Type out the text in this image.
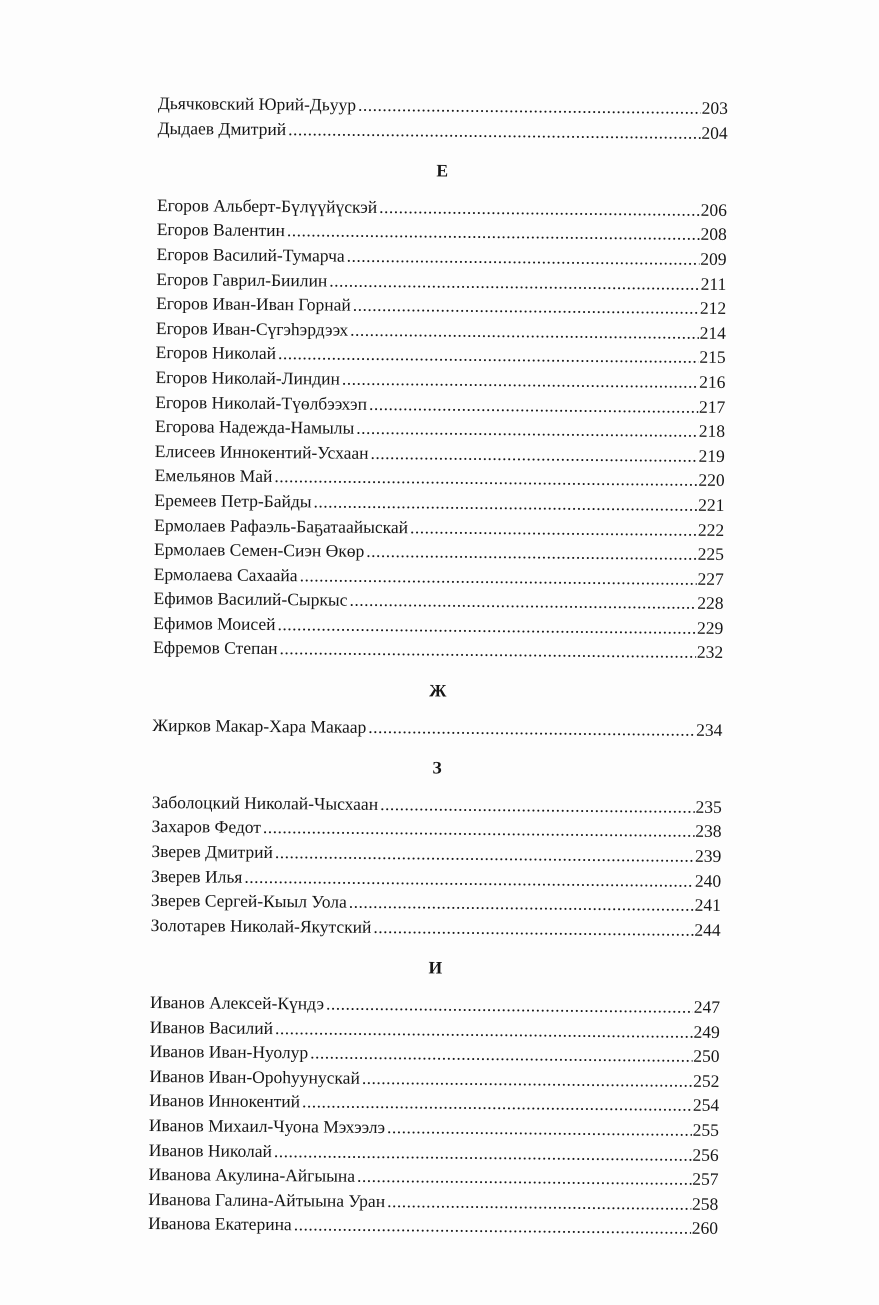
Дьячковский Юрий-Дьуур .....	203
Дыдаев Дмитрий .....	204
Е
Егоров Альберт-Бүлүүйүскэй .....	206
Егоров Валентин .....	208
Егоров Василий-Тумарча .....	209
Егоров Гаврил-Биилин .....	211
Егоров Иван-Иван Горнай .....	212
Егоров Иван-Сүгэһэрдээх .....	214
Егоров Николай .....	215
Егоров Николай-Линдин .....	216
Егоров Николай-Түөлбээхэп .....	217
Егорова Надежда-Намылы .....	218
Елисеев Иннокентий-Усхаан .....	219
Емельянов Май .....	220
Еремеев Петр-Байды .....	221
Ермолаев Рафаэль-Баҕатаайыскай .....	222
Ермолаев Семен-Сиэн Өкөр .....	225
Ермолаева Сахаайа .....	227
Ефимов Василий-Сыркыс .....	228
Ефимов Моисей .....	229
Ефремов Степан .....	232
Ж
Жирков Макар-Хара Макаар .....	234
З
Заболоцкий Николай-Чысхаан .....	235
Захаров Федот .....	238
Зверев Дмитрий .....	239
Зверев Илья .....	240
Зверев Сергей-Кыыл Уола .....	241
Золотарев Николай-Якутский .....	244
И
Иванов Алексей-Күндэ .....	247
Иванов Василий .....	249
Иванов Иван-Нуолур .....	250
Иванов Иван-Ороһуунускай .....	252
Иванов Иннокентий .....	254
Иванов Михаил-Чуона Мэхээлэ .....	255
Иванов Николай .....	256
Иванова Акулина-Айгыына .....	257
Иванова Галина-Айтыына Уран .....	258
Иванова Екатерина .....	260
